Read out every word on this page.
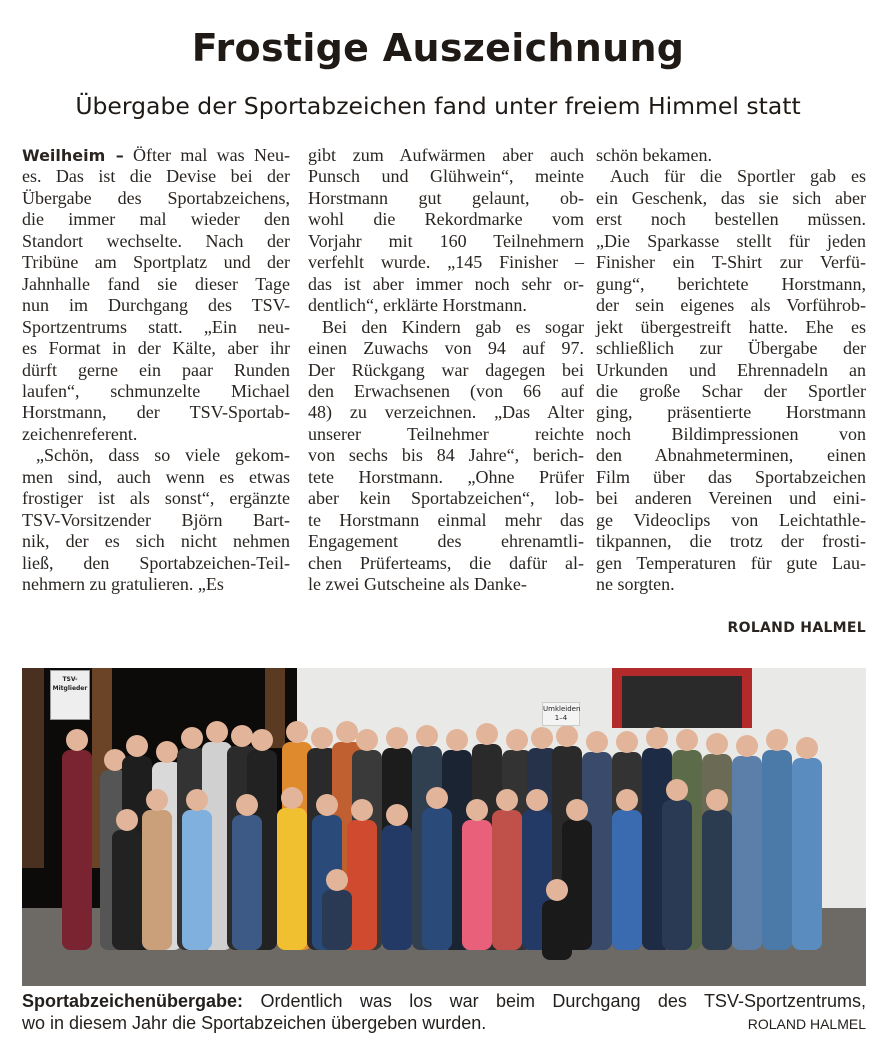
Frostige Auszeichnung
Übergabe der Sportabzeichen fand unter freiem Himmel statt
Weilheim – Öfter mal was Neu-
es. Das ist die Devise bei der
Übergabe des Sportabzeichens,
die immer mal wieder den
Standort wechselte. Nach der
Tribüne am Sportplatz und der
Jahnhalle fand sie dieser Tage
nun im Durchgang des TSV-
Sportzentrums statt. „Ein neu-
es Format in der Kälte, aber ihr
dürft gerne ein paar Runden
laufen“, schmunzelte Michael
Horstmann, der TSV-Sportab-
zeichenreferent.
„Schön, dass so viele gekom-
men sind, auch wenn es etwas
frostiger ist als sonst“, ergänzte
TSV-Vorsitzender Björn Bart-
nik, der es sich nicht nehmen
ließ, den Sportabzeichen-Teil-
nehmern zu gratulieren. „Es
gibt zum Aufwärmen aber auch
Punsch und Glühwein“, meinte
Horstmann gut gelaunt, ob-
wohl die Rekordmarke vom
Vorjahr mit 160 Teilnehmern
verfehlt wurde. „145 Finisher –
das ist aber immer noch sehr or-
dentlich“, erklärte Horstmann.
Bei den Kindern gab es sogar
einen Zuwachs von 94 auf 97.
Der Rückgang war dagegen bei
den Erwachsenen (von 66 auf
48) zu verzeichnen. „Das Alter
unserer Teilnehmer reichte
von sechs bis 84 Jahre“, berich-
tete Horstmann. „Ohne Prüfer
aber kein Sportabzeichen“, lob-
te Horstmann einmal mehr das
Engagement des ehrenamtli-
chen Prüferteams, die dafür al-
le zwei Gutscheine als Danke-
schön bekamen.
Auch für die Sportler gab es
ein Geschenk, das sie sich aber
erst noch bestellen müssen.
„Die Sparkasse stellt für jeden
Finisher ein T-Shirt zur Verfü-
gung“, berichtete Horstmann,
der sein eigenes als Vorführob-
jekt übergestreift hatte. Ehe es
schließlich zur Übergabe der
Urkunden und Ehrennadeln an
die große Schar der Sportler
ging, präsentierte Horstmann
noch Bildimpressionen von
den Abnahmeterminen, einen
Film über das Sportabzeichen
bei anderen Vereinen und eini-
ge Videoclips von Leichtathle-
tikpannen, die trotz der frosti-
gen Temperaturen für gute Lau-
ne sorgten.
ROLAND HALMEL
TSV-Mitglieder
Umkleiden 1–4
Sportabzeichenübergabe: Ordentlich was los war beim Durchgang des TSV-Sportzentrums,
wo in diesem Jahr die Sportabzeichen übergeben wurden.	ROLAND HALMEL
